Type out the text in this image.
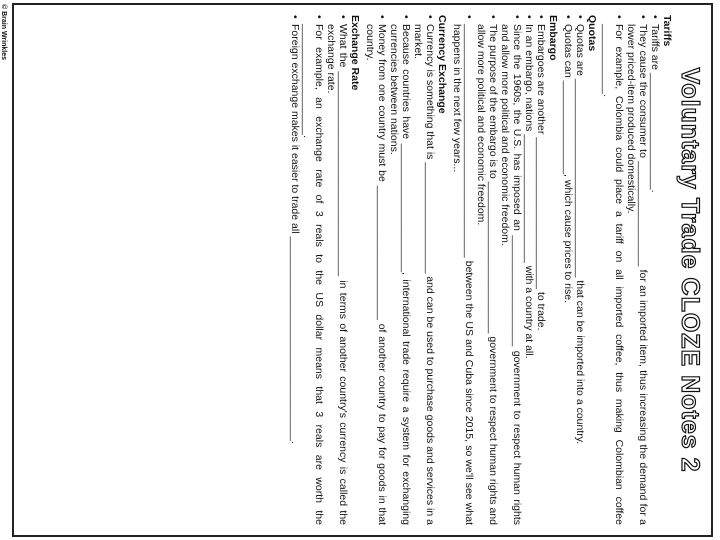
© Brain Wrinkles
Voluntary Trade CLOZE Notes 2
Tariffs
• Tariffs are ____________________.
• They cause the consumer to __________________ for an imported item, thus increasing the demand for a lower priced-item produced domestically.
• For example, Colombia could place a tariff on all imported coffee, thus making Colombian coffee ____________.
Quotas
• Quotas are __________________________________ that can be imported into a country.
• Quotas can ________________, which cause prices to rise.
Embargo
• Embargoes are another __________________________ to trade.
• In an embargo, nations ______________________ with a country at all.
• Since the 1960s, the U.S. has imposed an ___________________ government to respect human rights and allow more political and economic freedom.
• The purpose of the embargo is to __________________________ government to respect human rights and allow more political and economic freedom.
• ________________________________________ between the US and Cuba since 2015, so we'll see what happens in the next few years...
Currency Exchange
• Currency is something that is ___________________ and can be used to purchase goods and services in a market.
• Because countries have ______________________, international trade require a system for exchanging currencies between nations.
• Money from one country must be _______________________ of another country to pay for goods in that country.
Exchange Rate
• What the ___________________________________ in terms of another country's currency is called the exchange rate.
• For example, an exchange rate of 3 reals to the US dollar means that 3 reals are worth the ___________________.
• Foreign exchange makes it easier to trade all ___________________________________.
